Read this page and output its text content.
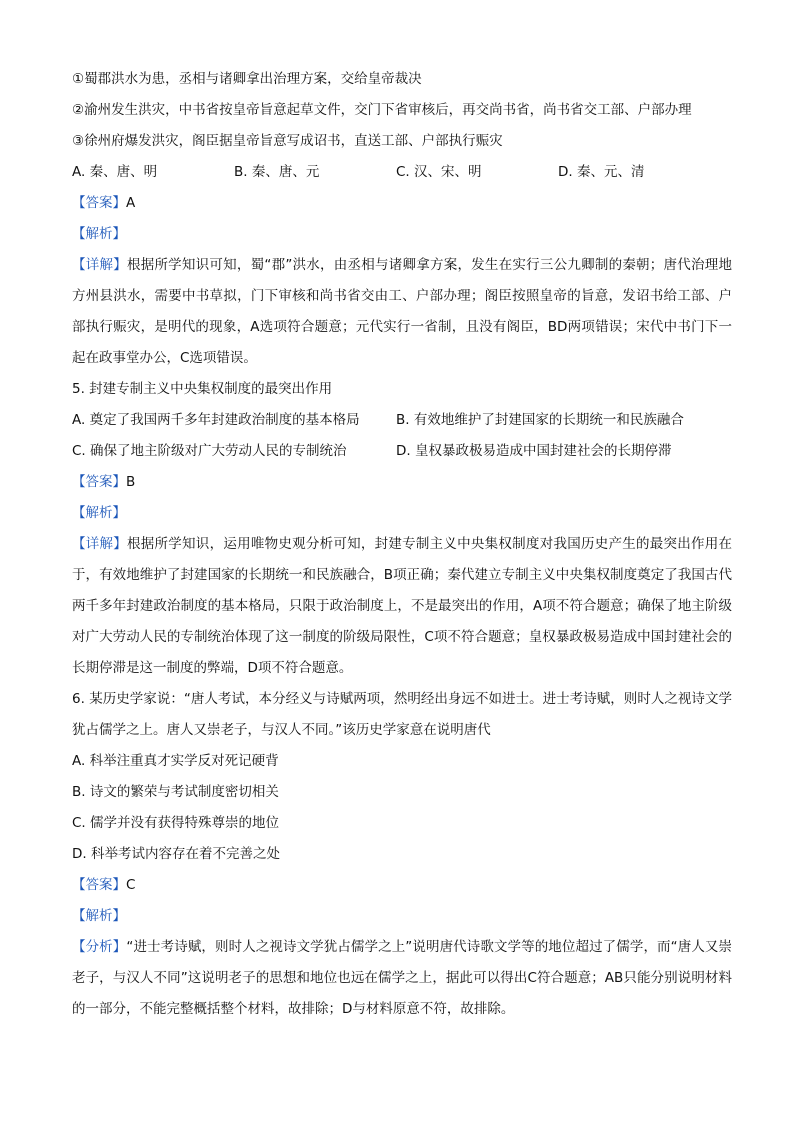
①蜀郡洪水为患，丞相与诸卿拿出治理方案，交给皇帝裁决
②渝州发生洪灾，中书省按皇帝旨意起草文件，交门下省审核后，再交尚书省，尚书省交工部、户部办理
③徐州府爆发洪灾，阁臣据皇帝旨意写成诏书，直送工部、户部执行赈灾
A. 秦、唐、明	B. 秦、唐、元	C. 汉、宋、明	D. 秦、元、清
【答案】A
【解析】
【详解】根据所学知识可知，蜀“郡”洪水，由丞相与诸卿拿方案，发生在实行三公九卿制的秦朝；唐代治理地方州县洪水，需要中书草拟，门下审核和尚书省交由工、户部办理；阁臣按照皇帝的旨意，发诏书给工部、户部执行赈灾，是明代的现象，A选项符合题意；元代实行一省制，且没有阁臣，BD两项错误；宋代中书门下一起在政事堂办公，C选项错误。
5. 封建专制主义中央集权制度的最突出作用
A. 奠定了我国两千多年封建政治制度的基本格局	B. 有效地维护了封建国家的长期统一和民族融合
C. 确保了地主阶级对广大劳动人民的专制统治	D. 皇权暴政极易造成中国封建社会的长期停滞
【答案】B
【解析】
【详解】根据所学知识，运用唯物史观分析可知，封建专制主义中央集权制度对我国历史产生的最突出作用在于，有效地维护了封建国家的长期统一和民族融合，B项正确；秦代建立专制主义中央集权制度奠定了我国古代两千多年封建政治制度的基本格局，只限于政治制度上，不是最突出的作用，A项不符合题意；确保了地主阶级对广大劳动人民的专制统治体现了这一制度的阶级局限性，C项不符合题意；皇权暴政极易造成中国封建社会的长期停滞是这一制度的弊端，D项不符合题意。
6. 某历史学家说：“唐人考试，本分经义与诗赋两项，然明经出身远不如进士。进士考诗赋，则时人之视诗文学犹占儒学之上。唐人又崇老子，与汉人不同。”该历史学家意在说明唐代
A. 科举注重真才实学反对死记硬背
B. 诗文的繁荣与考试制度密切相关
C. 儒学并没有获得特殊尊崇的地位
D. 科举考试内容存在着不完善之处
【答案】C
【解析】
【分析】“进士考诗赋，则时人之视诗文学犹占儒学之上”说明唐代诗歌文学等的地位超过了儒学，而“唐人又崇老子，与汉人不同”这说明老子的思想和地位也远在儒学之上，据此可以得出C符合题意；AB只能分别说明材料的一部分，不能完整概括整个材料，故排除；D与材料原意不符，故排除。
